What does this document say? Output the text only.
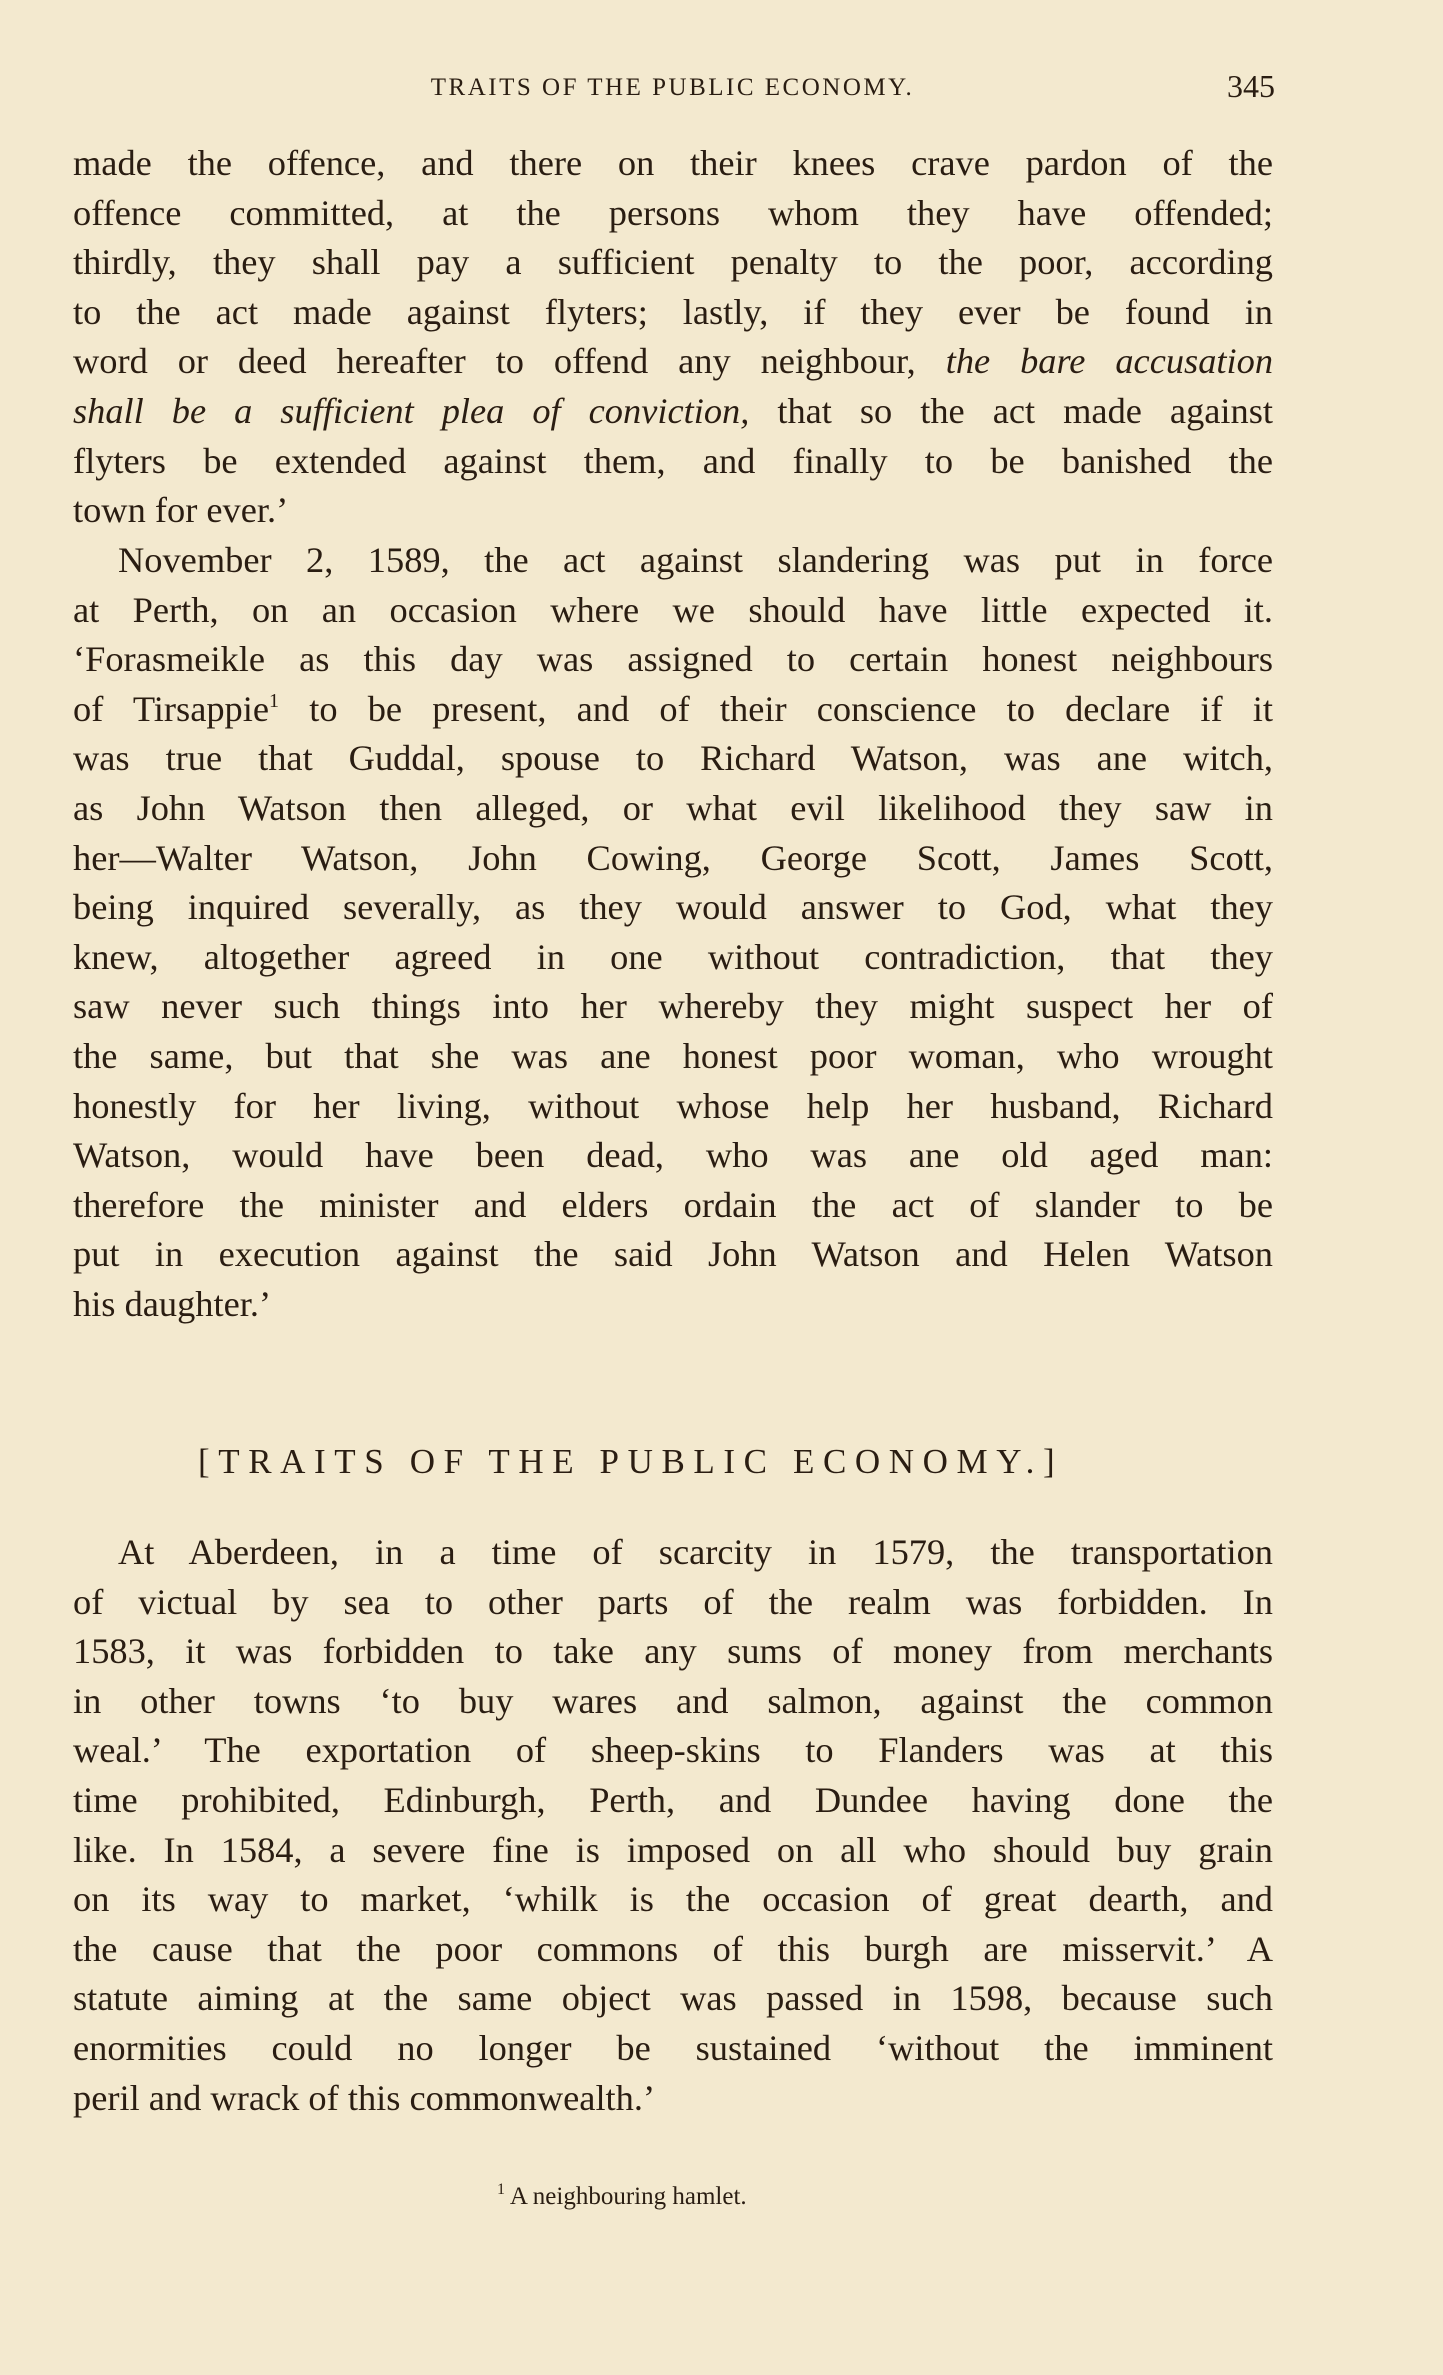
TRAITS OF THE PUBLIC ECONOMY.	345
made the offence, and there on their knees crave pardon of the
offence committed, at the persons whom they have offended;
thirdly, they shall pay a sufficient penalty to the poor, according
to the act made against flyters; lastly, if they ever be found in
word or deed hereafter to offend any neighbour, the bare accusation
shall be a sufficient plea of conviction, that so the act made against
flyters be extended against them, and finally to be banished the
town for ever.’
November 2, 1589, the act against slandering was put in force
at Perth, on an occasion where we should have little expected it.
‘Forasmeikle as this day was assigned to certain honest neighbours
of Tirsappie$^1$ to be present, and of their conscience to declare if it
was true that Guddal, spouse to Richard Watson, was ane witch,
as John Watson then alleged, or what evil likelihood they saw in
her—Walter Watson, John Cowing, George Scott, James Scott,
being inquired severally, as they would answer to God, what they
knew, altogether agreed in one without contradiction, that they
saw never such things into her whereby they might suspect her of
the same, but that she was ane honest poor woman, who wrought
honestly for her living, without whose help her husband, Richard
Watson, would have been dead, who was ane old aged man:
therefore the minister and elders ordain the act of slander to be
put in execution against the said John Watson and Helen Watson
his daughter.’
[TRAITS OF THE PUBLIC ECONOMY.]
At Aberdeen, in a time of scarcity in 1579, the transportation
of victual by sea to other parts of the realm was forbidden. In
1583, it was forbidden to take any sums of money from merchants
in other towns ‘to buy wares and salmon, against the common
weal.’ The exportation of sheep-skins to Flanders was at this
time prohibited, Edinburgh, Perth, and Dundee having done the
like. In 1584, a severe fine is imposed on all who should buy grain
on its way to market, ‘whilk is the occasion of great dearth, and
the cause that the poor commons of this burgh are misservit.’ A
statute aiming at the same object was passed in 1598, because such
enormities could no longer be sustained ‘without the imminent
peril and wrack of this commonwealth.’
$^1$ A neighbouring hamlet.
